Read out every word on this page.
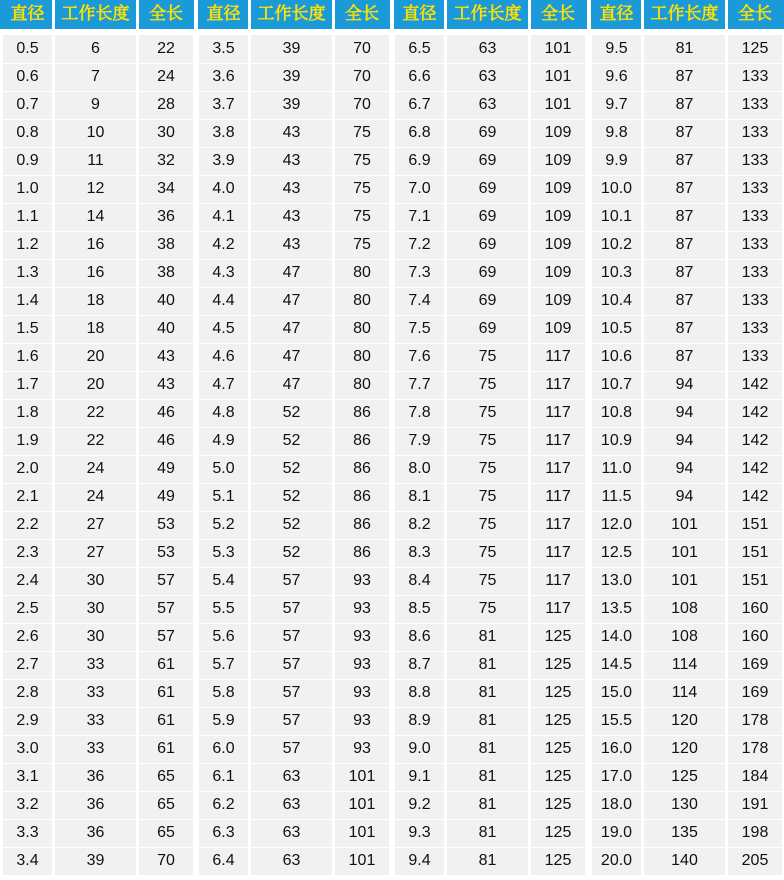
直径	工作长度	全长
0.5	6	22
0.6	7	24
0.7	9	28
0.8	10	30
0.9	11	32
1.0	12	34
1.1	14	36
1.2	16	38
1.3	16	38
1.4	18	40
1.5	18	40
1.6	20	43
1.7	20	43
1.8	22	46
1.9	22	46
2.0	24	49
2.1	24	49
2.2	27	53
2.3	27	53
2.4	30	57
2.5	30	57
2.6	30	57
2.7	33	61
2.8	33	61
2.9	33	61
3.0	33	61
3.1	36	65
3.2	36	65
3.3	36	65
3.4	39	70
直径	工作长度	全长
3.5	39	70
3.6	39	70
3.7	39	70
3.8	43	75
3.9	43	75
4.0	43	75
4.1	43	75
4.2	43	75
4.3	47	80
4.4	47	80
4.5	47	80
4.6	47	80
4.7	47	80
4.8	52	86
4.9	52	86
5.0	52	86
5.1	52	86
5.2	52	86
5.3	52	86
5.4	57	93
5.5	57	93
5.6	57	93
5.7	57	93
5.8	57	93
5.9	57	93
6.0	57	93
6.1	63	101
6.2	63	101
6.3	63	101
6.4	63	101
直径	工作长度	全长
6.5	63	101
6.6	63	101
6.7	63	101
6.8	69	109
6.9	69	109
7.0	69	109
7.1	69	109
7.2	69	109
7.3	69	109
7.4	69	109
7.5	69	109
7.6	75	117
7.7	75	117
7.8	75	117
7.9	75	117
8.0	75	117
8.1	75	117
8.2	75	117
8.3	75	117
8.4	75	117
8.5	75	117
8.6	81	125
8.7	81	125
8.8	81	125
8.9	81	125
9.0	81	125
9.1	81	125
9.2	81	125
9.3	81	125
9.4	81	125
直径	工作长度	全长
9.5	81	125
9.6	87	133
9.7	87	133
9.8	87	133
9.9	87	133
10.0	87	133
10.1	87	133
10.2	87	133
10.3	87	133
10.4	87	133
10.5	87	133
10.6	87	133
10.7	94	142
10.8	94	142
10.9	94	142
11.0	94	142
11.5	94	142
12.0	101	151
12.5	101	151
13.0	101	151
13.5	108	160
14.0	108	160
14.5	114	169
15.0	114	169
15.5	120	178
16.0	120	178
17.0	125	184
18.0	130	191
19.0	135	198
20.0	140	205
